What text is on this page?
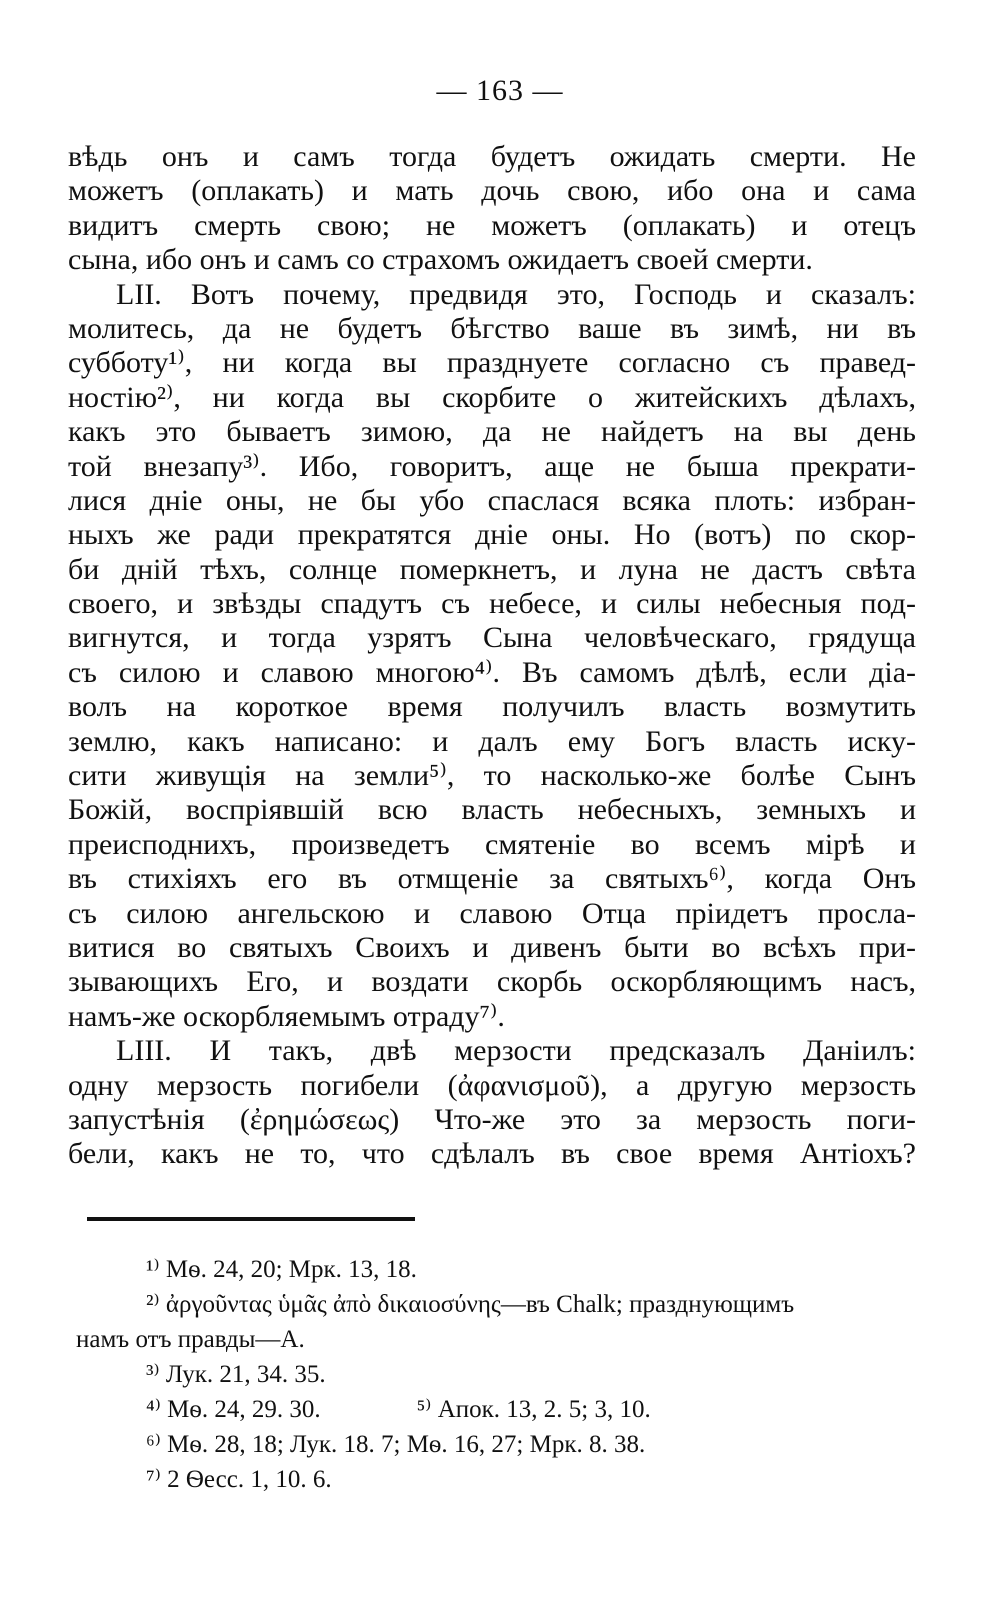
— 163 —
вѣдь онъ и самъ тогда будетъ ожидать смерти. Не
можетъ (оплакать) и мать дочь свою, ибо она и сама
видитъ смерть свою; не можетъ (оплакать) и отецъ
сына, ибо онъ и самъ со страхомъ ожидаетъ своей смерти.
LII. Вотъ почему, предвидя это, Господь и сказалъ:
молитесь, да не будетъ бѣгство ваше въ зимѣ, ни въ
субботу¹⁾, ни когда вы празднуете согласно съ правед-
ностію²⁾, ни когда вы скорбите о житейскихъ дѣлахъ,
какъ это бываетъ зимою, да не найдетъ на вы день
той внезапу³⁾. Ибо, говоритъ, аще не быша прекрати-
лися дніе оны, не бы убо спаслася всяка плоть: избран-
ныхъ же ради прекратятся дніе оны. Но (вотъ) по скор-
би дній тѣхъ, солнце померкнетъ, и луна не дастъ свѣта
своего, и звѣзды спадутъ съ небесе, и силы небесныя под-
вигнутся, и тогда узрятъ Сына человѣческаго, грядуща
съ силою и славою многою⁴⁾. Въ самомъ дѣлѣ, если діа-
волъ на короткое время получилъ власть возмутить
землю, какъ написано: и далъ ему Богъ власть иску-
сити живущія на земли⁵⁾, то насколько-же болѣе Сынъ
Божій, воспріявшій всю власть небесныхъ, земныхъ и
преисподнихъ, произведетъ смятеніе во всемъ мірѣ и
въ стихіяхъ его въ отмщеніе за святыхъ⁶⁾, когда Онъ
съ силою ангельскою и славою Отца пріидетъ просла-
витися во святыхъ Своихъ и дивенъ быти во всѣхъ при-
зывающихъ Его, и воздати скорбь оскорбляющимъ насъ,
намъ-же оскорбляемымъ отраду⁷⁾.
LIII. И такъ, двѣ мерзости предсказалъ Даніилъ:
одну мерзость погибели (ἀφανισμοῦ), а другую мерзость
запустѣнія (ἐρημώσεως) Что-же это за мерзость поги-
бели, какъ не то, что сдѣлалъ въ свое время Антіохъ?
¹⁾ Мѳ. 24, 20; Мрк. 13, 18.
²⁾ ἀργοῦντας ὑμᾶς ἀπὸ δικαιοσύνης—въ Chalk; празднующимъ
намъ отъ правды—А.
³⁾ Лук. 21, 34. 35.
⁴⁾ Мѳ. 24, 29. 30.	⁵⁾ Апок. 13, 2. 5; 3, 10.
⁶⁾ Мѳ. 28, 18; Лук. 18. 7; Мѳ. 16, 27; Мрк. 8. 38.
⁷⁾ 2 Ѳесс. 1, 10. 6.
